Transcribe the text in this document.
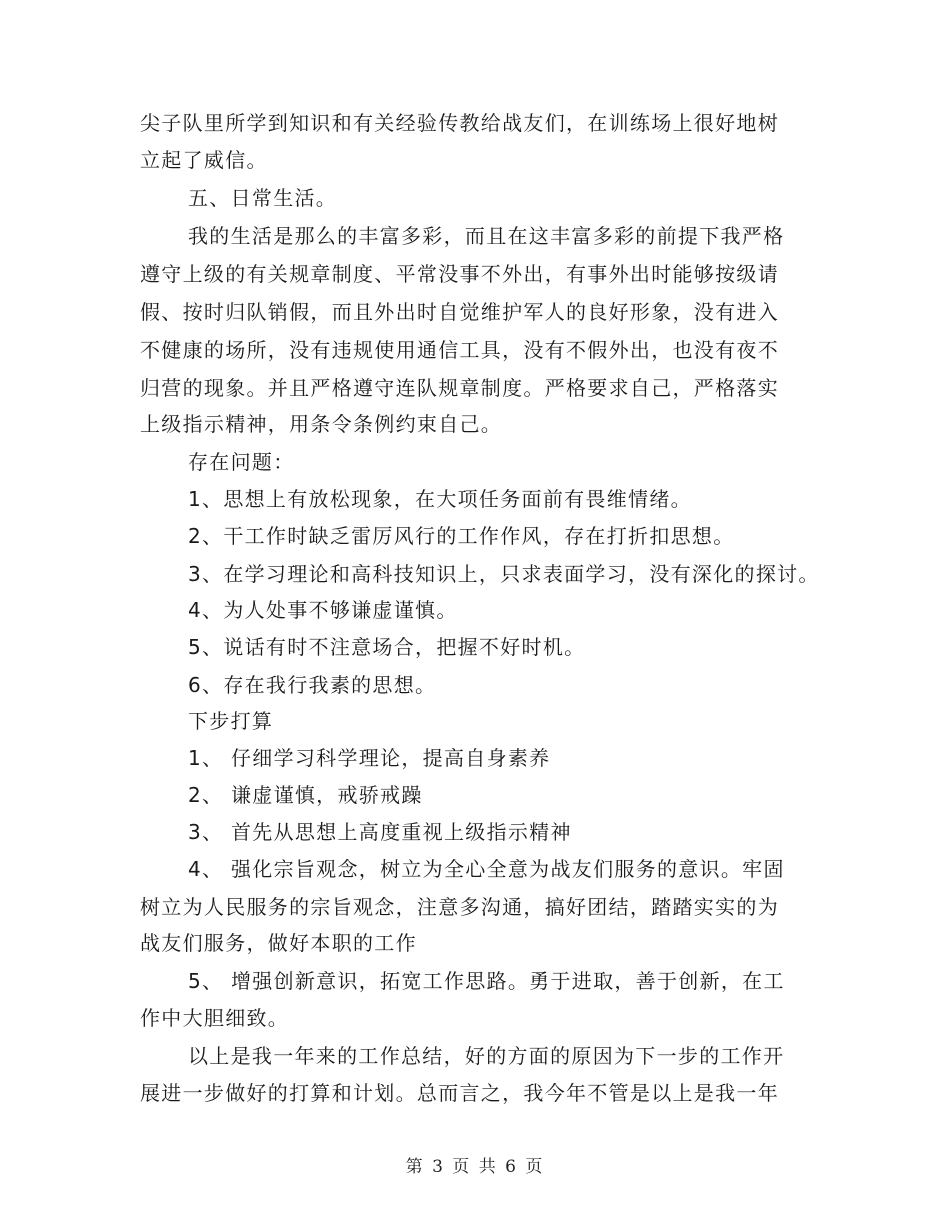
尖子队里所学到知识和有关经验传教给战友们，在训练场上很好地树
立起了威信。
五、日常生活。
我的生活是那么的丰富多彩，而且在这丰富多彩的前提下我严格
遵守上级的有关规章制度、平常没事不外出，有事外出时能够按级请
假、按时归队销假，而且外出时自觉维护军人的良好形象，没有进入
不健康的场所，没有违规使用通信工具，没有不假外出，也没有夜不
归营的现象。并且严格遵守连队规章制度。严格要求自己，严格落实
上级指示精神，用条令条例约束自己。
存在问题：
1、思想上有放松现象，在大项任务面前有畏维情绪。
2、干工作时缺乏雷厉风行的工作作风，存在打折扣思想。
3、在学习理论和高科技知识上，只求表面学习，没有深化的探讨。
4、为人处事不够谦虚谨慎。
5、说话有时不注意场合，把握不好时机。
6、存在我行我素的思想。
下步打算
1、 仔细学习科学理论，提高自身素养
2、 谦虚谨慎，戒骄戒躁
3、 首先从思想上高度重视上级指示精神
4、 强化宗旨观念，树立为全心全意为战友们服务的意识。牢固
树立为人民服务的宗旨观念，注意多沟通，搞好团结，踏踏实实的为
战友们服务，做好本职的工作
5、 增强创新意识，拓宽工作思路。勇于进取，善于创新，在工
作中大胆细致。
以上是我一年来的工作总结，好的方面的原因为下一步的工作开
展进一步做好的打算和计划。总而言之，我今年不管是以上是我一年
第 3 页 共 6 页
